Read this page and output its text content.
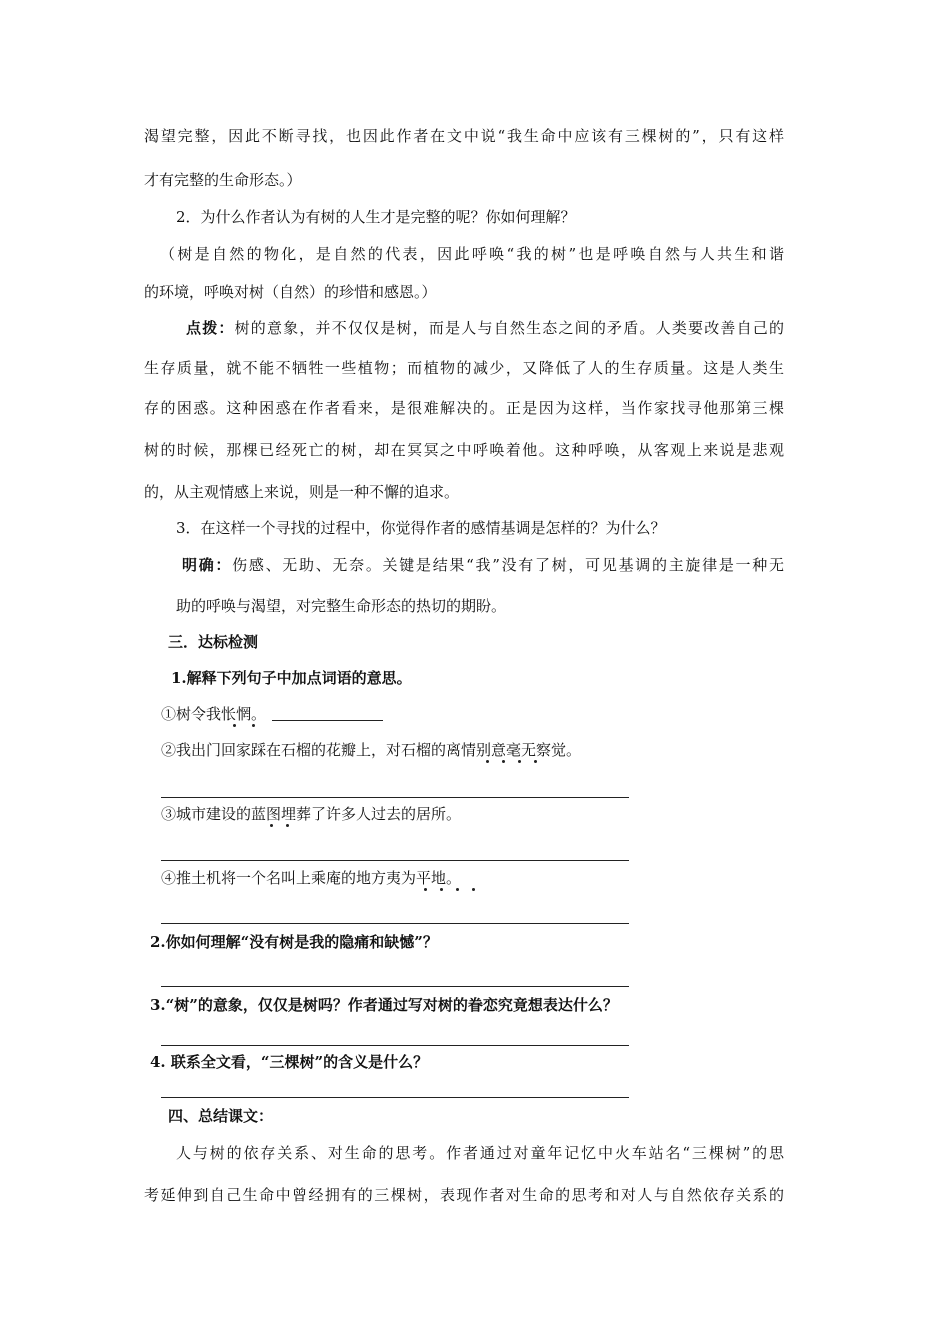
渴望完整，因此不断寻找，也因此作者在文中说“我生命中应该有三棵树的”，只有这样
才有完整的生命形态。）
2．为什么作者认为有树的人生才是完整的呢？你如何理解？
（树是自然的物化，是自然的代表，因此呼唤“我的树”也是呼唤自然与人共生和谐
的环境，呼唤对树（自然）的珍惜和感恩。）
点拨：树的意象，并不仅仅是树，而是人与自然生态之间的矛盾。人类要改善自己的
生存质量，就不能不牺牲一些植物；而植物的减少，又降低了人的生存质量。这是人类生
存的困惑。这种困惑在作者看来，是很难解决的。正是因为这样，当作家找寻他那第三棵
树的时候，那棵已经死亡的树，却在冥冥之中呼唤着他。这种呼唤，从客观上来说是悲观
的，从主观情感上来说，则是一种不懈的追求。
3．在这样一个寻找的过程中，你觉得作者的感情基调是怎样的？为什么？
明确：伤感、无助、无奈。关键是结果“我”没有了树，可见基调的主旋律是一种无
助的呼唤与渴望，对完整生命形态的热切的期盼。
三．达标检测
1.解释下列句子中加点词语的意思。
①树令我怅惘。
②我出门回家踩在石榴的花瓣上，对石榴的离情别意毫无察觉。
③城市建设的蓝图埋葬了许多人过去的居所。
④推土机将一个名叫上乘庵的地方夷为平地。
2.你如何理解“没有树是我的隐痛和缺憾”？
3.“树”的意象，仅仅是树吗？作者通过写对树的眷恋究竟想表达什么？
4. 联系全文看，“三棵树”的含义是什么？
四、总结课文：
人与树的依存关系、对生命的思考。作者通过对童年记忆中火车站名“三棵树”的思
考延伸到自己生命中曾经拥有的三棵树，表现作者对生命的思考和对人与自然依存关系的
